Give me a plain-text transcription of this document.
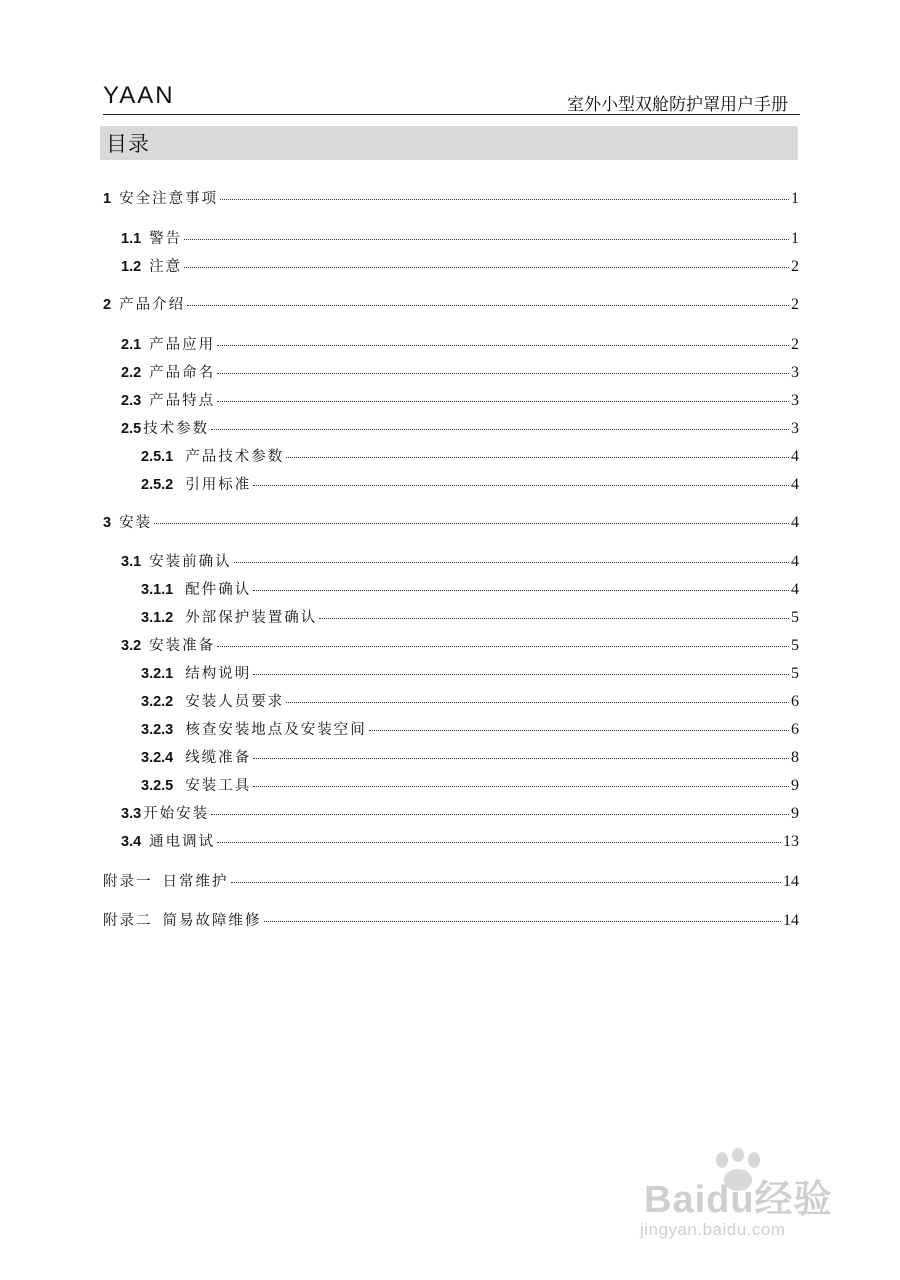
YAAN	室外小型双舱防护罩用户手册
目录
1 安全注意事项	1
1.1 警告	1
1.2 注意	2
2 产品介绍	2
2.1 产品应用	2
2.2 产品命名	3
2.3 产品特点	3
2.5 技术参数	3
2.5.1 产品技术参数	4
2.5.2 引用标准	4
3 安装	4
3.1 安装前确认	4
3.1.1 配件确认	4
3.1.2 外部保护装置确认	5
3.2 安装准备	5
3.2.1 结构说明	5
3.2.2 安装人员要求	6
3.2.3 核查安装地点及安装空间	6
3.2.4 线缆准备	8
3.2.5 安装工具	9
3.3 开始安装	9
3.4 通电调试	13
附录一 日常维护	14
附录二 简易故障维修	14
Baidu经验
jingyan.baidu.com
